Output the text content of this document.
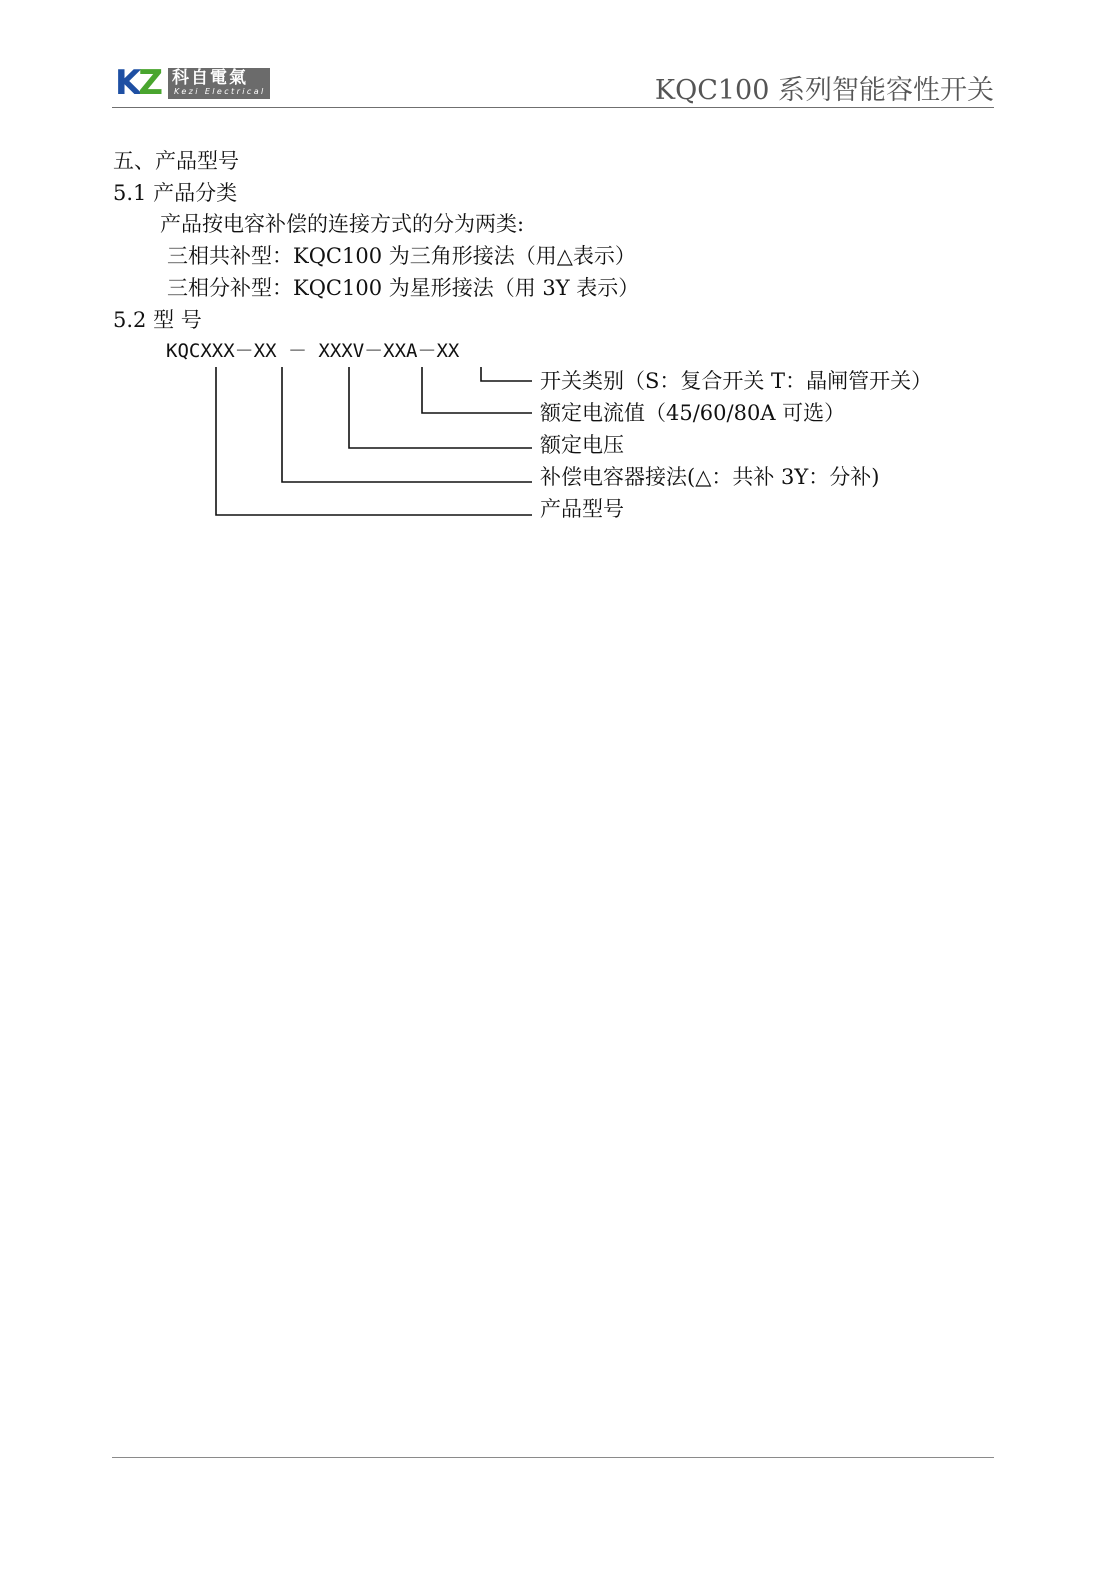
KZ 科自電氣
Kezi Electrical	KQC100 系列智能容性开关
五、产品型号
5.1 产品分类
产品按电容补偿的连接方式的分为两类:
三相共补型：KQC100 为三角形接法（用△表示）
三相分补型：KQC100 为星形接法（用 3Y 表示）
5.2 型 号
KQCXXX－XX － XXXV－XXA－XX
开关类别（S：复合开关 T：晶闸管开关）
额定电流值（45/60/80A 可选）
额定电压
补偿电容器接法(△：共补 3Y：分补)
产品型号
